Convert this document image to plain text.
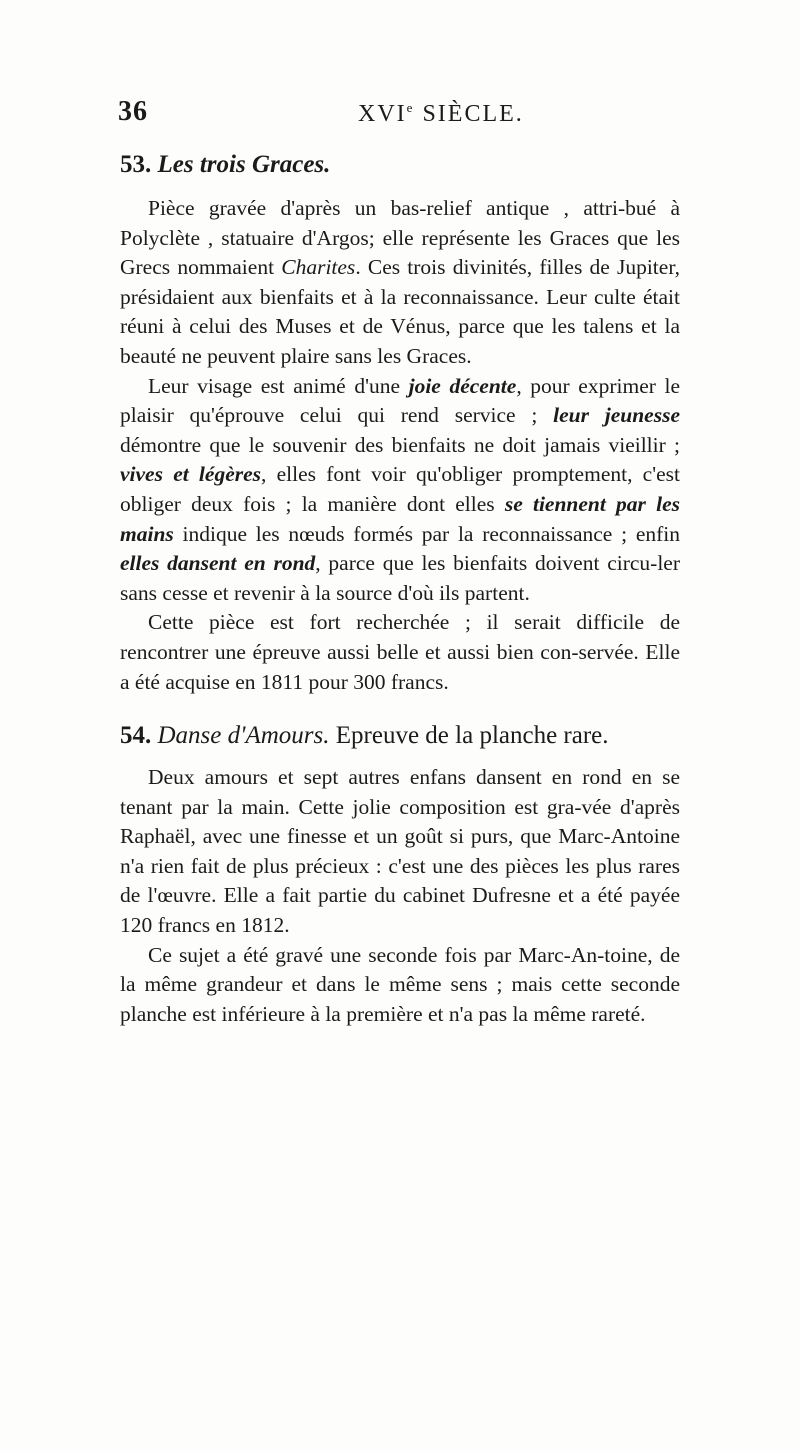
36	XVIe SIÈCLE.
53. Les trois Graces.

Pièce gravée d'après un bas-relief antique , attri-bué à Polyclète , statuaire d'Argos; elle représente les Graces que les Grecs nommaient Charites. Ces trois divinités, filles de Jupiter, présidaient aux bienfaits et à la reconnaissance. Leur culte était réuni à celui des Muses et de Vénus, parce que les talens et la beauté ne peuvent plaire sans les Graces.

Leur visage est animé d'une joie décente, pour exprimer le plaisir qu'éprouve celui qui rend service ; leur jeunesse démontre que le souvenir des bienfaits ne doit jamais vieillir ; vives et légères, elles font voir qu'obliger promptement, c'est obliger deux fois ; la manière dont elles se tiennent par les mains indique les nœuds formés par la reconnaissance ; enfin elles dansent en rond, parce que les bienfaits doivent circu-ler sans cesse et revenir à la source d'où ils partent.

Cette pièce est fort recherchée ; il serait difficile de rencontrer une épreuve aussi belle et aussi bien con-servée. Elle a été acquise en 1811 pour 300 francs.

54. Danse d'Amours. Epreuve de la planche rare.

Deux amours et sept autres enfans dansent en rond en se tenant par la main. Cette jolie composition est gra-vée d'après Raphaël, avec une finesse et un goût si purs, que Marc-Antoine n'a rien fait de plus précieux : c'est une des pièces les plus rares de l'œuvre. Elle a fait partie du cabinet Dufresne et a été payée 120 francs en 1812.

Ce sujet a été gravé une seconde fois par Marc-An-toine, de la même grandeur et dans le même sens ; mais cette seconde planche est inférieure à la première et n'a pas la même rareté.
